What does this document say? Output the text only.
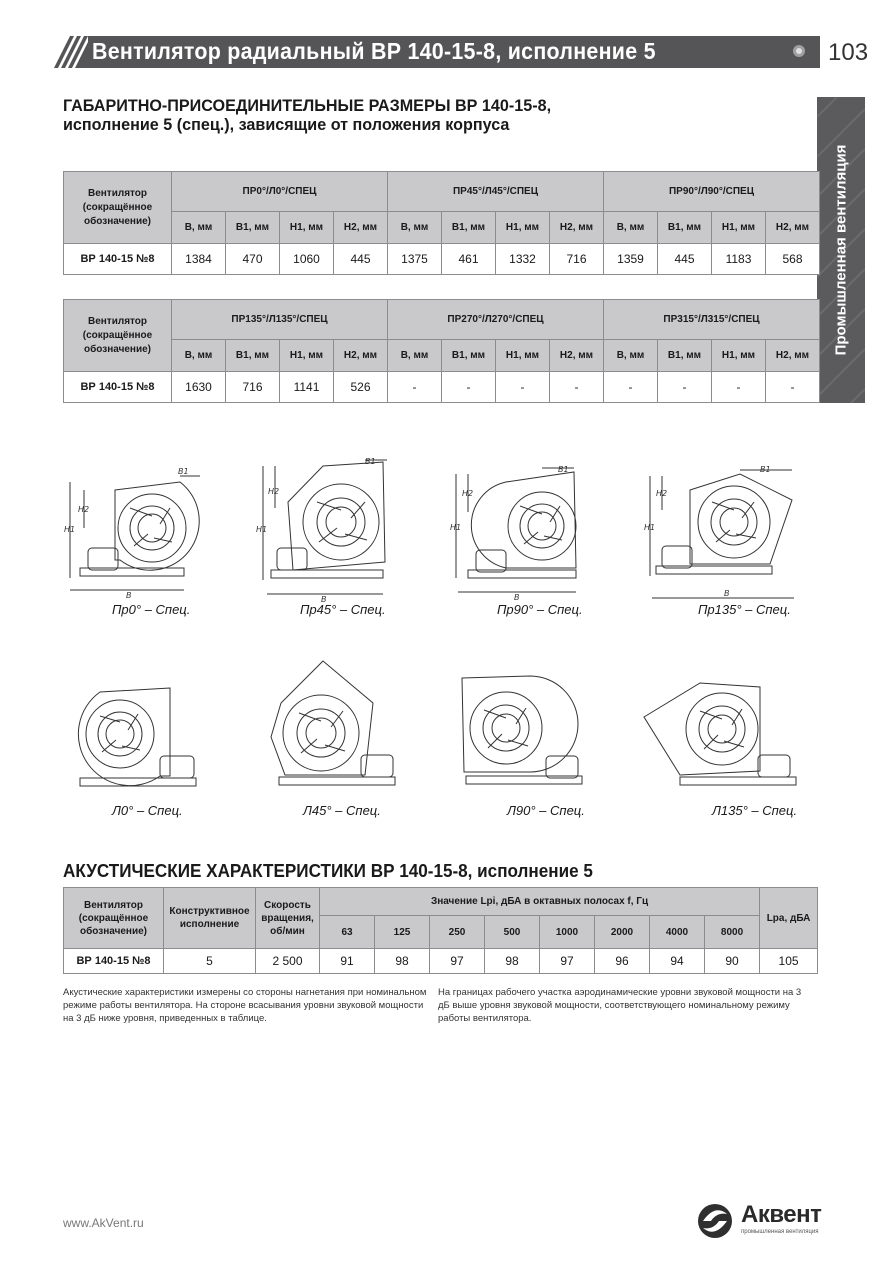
Вентилятор радиальный ВР 140-15-8, исполнение 5	103
Промышленная вентиляция
ГАБАРИТНО-ПРИСОЕДИНИТЕЛЬНЫЕ РАЗМЕРЫ ВР 140-15-8,
исполнение 5 (спец.), зависящие от положения корпуса
Вентилятор (сокращённое обозначение)	ПР0°/Л0°/СПЕЦ				ПР45°/Л45°/СПЕЦ				ПР90°/Л90°/СПЕЦ			
	B, мм	B1, мм	H1, мм	H2, мм	B, мм	B1, мм	H1, мм	H2, мм	B, мм	B1, мм	H1, мм	H2, мм
ВР 140-15 №8	1384	470	1060	445	1375	461	1332	716	1359	445	1183	568
Вентилятор (сокращённое обозначение)	ПР135°/Л135°/СПЕЦ				ПР270°/Л270°/СПЕЦ				ПР315°/Л315°/СПЕЦ			
	B, мм	B1, мм	H1, мм	H2, мм	B, мм	B1, мм	H1, мм	H2, мм	B, мм	B1, мм	H1, мм	H2, мм
ВР 140-15 №8	1630	716	1141	526	-	-	-	-	-	-	-	-
H1
H2
B
B1
Пр0° – Спец.
H1
H2
B
B1
Пр45° – Спец.
H1
H2
B
B1
Пр90° – Спец.
H1
H2
B
B1
Пр135° – Спец.
Л0° – Спец.	Л45° – Спец.	Л90° – Спец.	Л135° – Спец.
АКУСТИЧЕСКИЕ ХАРАКТЕРИСТИКИ ВР 140-15-8, исполнение 5
Вентилятор (сокращённое обозначение)	Конструктивное исполнение	Скорость вращения, об/мин	Значение Lpi, дБА в октавных полосах f, Гц								Lpa, дБА
			63	125	250	500	1000	2000	4000	8000	
ВР 140-15 №8	5	2 500	91	98	97	98	97	96	94	90	105
Акустические характеристики измерены со стороны нагнетания при номинальном режиме работы вентилятора. На стороне всасывания уровни звуковой мощности на 3 дБ ниже уровня, приведенных в таблице.
На границах рабочего участка аэродинамические уровни звуковой мощности на 3 дБ выше уровня звуковой мощности, соответствующего номинальному режиму работы вентилятора.
www.AkVent.ru	Аквент
промышленная вентиляция
